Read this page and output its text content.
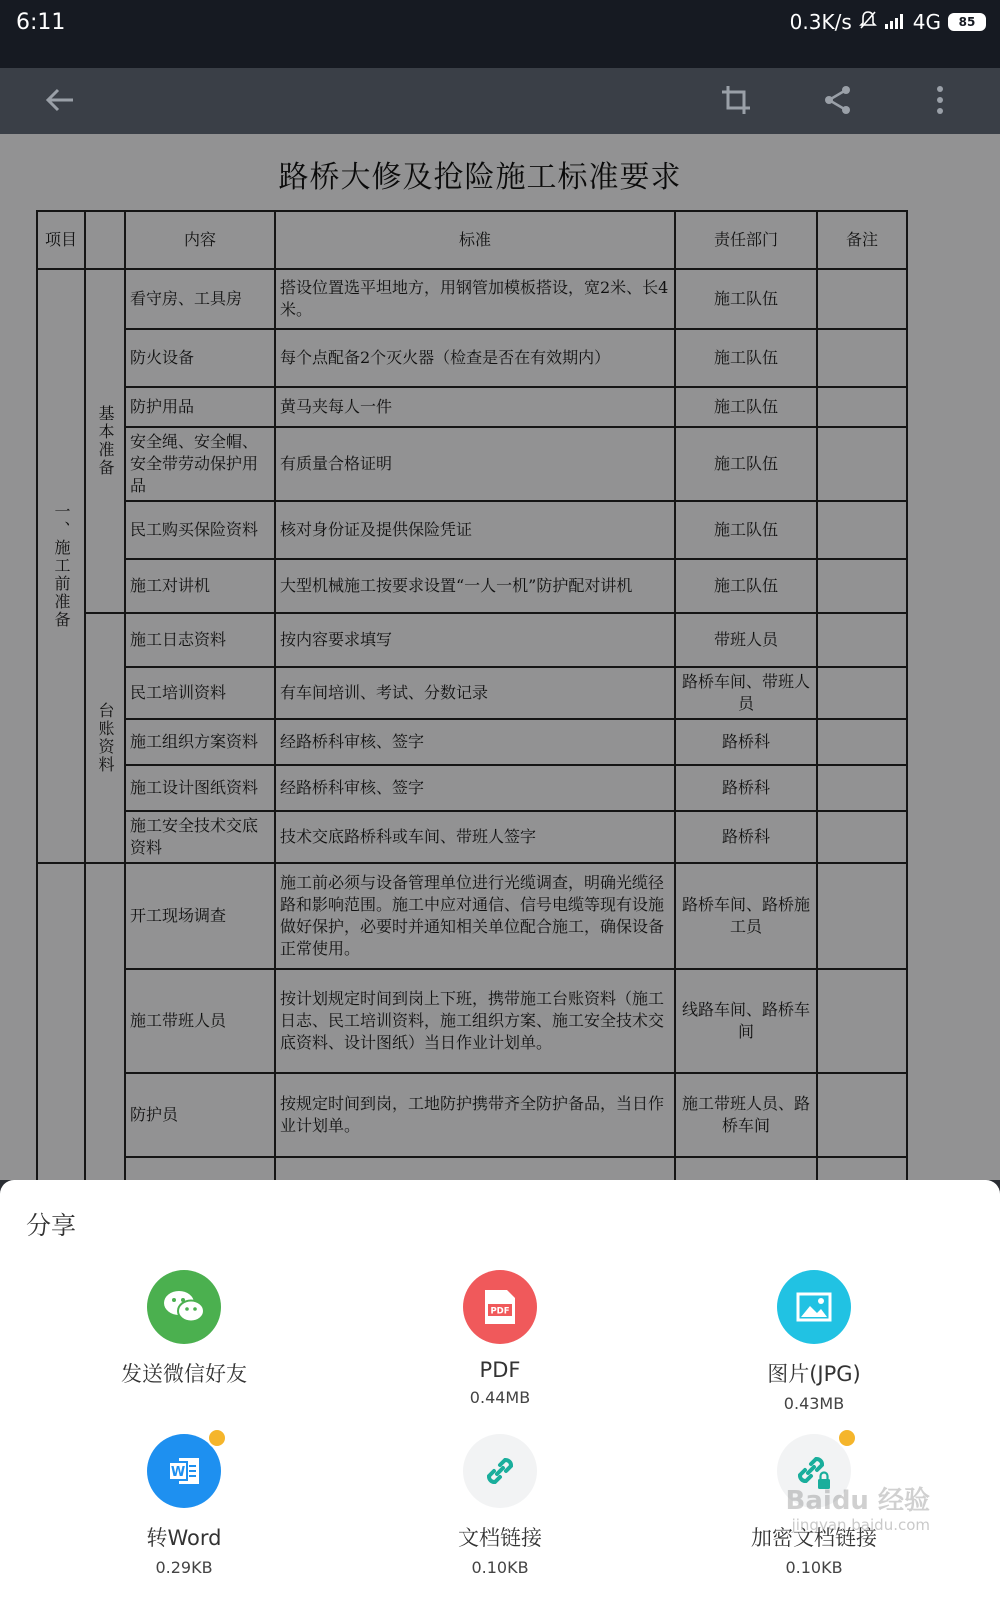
6:11	0.3K/s	4G	85
路桥大修及抢险施工标准要求
项目		内容	标准	责任部门	备注

一、施工前准备	基本准备	看守房、工具房	搭设位置选平坦地方，用钢管加模板搭设，宽2米、长4米。	施工队伍	
		防火设备	每个点配备2个灭火器（检查是否在有效期内）	施工队伍	
		防护用品	黄马夹每人一件	施工队伍	
		安全绳、安全帽、安全带劳动保护用品	有质量合格证明	施工队伍	
		民工购买保险资料	核对身份证及提供保险凭证	施工队伍	
		施工对讲机	大型机械施工按要求设置“一人一机”防护配对讲机	施工队伍	

	台账资料	施工日志资料	按内容要求填写	带班人员	
		民工培训资料	有车间培训、考试、分数记录	路桥车间、带班人员	
		施工组织方案资料	经路桥科审核、签字	路桥科	
		施工设计图纸资料	经路桥科审核、签字	路桥科	
		施工安全技术交底资料	技术交底路桥科或车间、带班人签字	路桥科	
		开工现场调查	施工前必须与设备管理单位进行光缆调查，明确光缆径路和影响范围。施工中应对通信、信号电缆等现有设施做好保护，必要时并通知相关单位配合施工，确保设备正常使用。	路桥车间、路桥施工员	
		施工带班人员	按计划规定时间到岗上下班，携带施工台账资料（施工日志、民工培训资料，施工组织方案、施工安全技术交底资料、设计图纸）当日作业计划单。	线路车间、路桥车间	
		防护员	按规定时间到岗，工地防护携带齐全防护备品，当日作业计划单。	施工带班人员、路桥车间	

分享
发送微信好友
PDF
PDF
0.44MB
图片(JPG)
0.43MB
W
转Word
0.29KB
文档链接
0.10KB
加密文档链接
0.10KB
Baidu 经验
jingyan.baidu.com
